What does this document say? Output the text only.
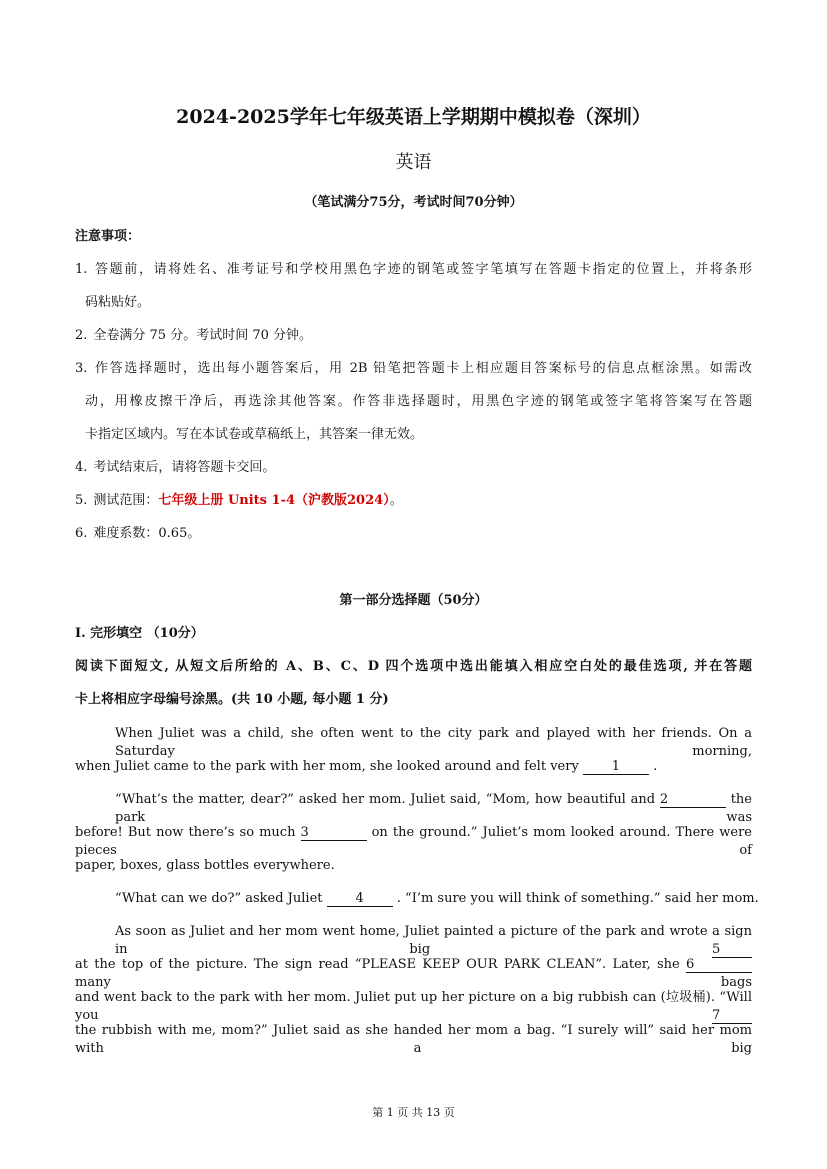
2024-2025学年七年级英语上学期期中模拟卷（深圳）
英语
（笔试满分75分，考试时间70分钟）
注意事项：
1. 答题前，请将姓名、准考证号和学校用黑色字迹的钢笔或签字笔填写在答题卡指定的位置上，并将条形
码粘贴好。
2. 全卷满分 75 分。考试时间 70 分钟。
3. 作答选择题时，选出每小题答案后，用 2B 铅笔把答题卡上相应题目答案标号的信息点框涂黑。如需改
动，用橡皮擦干净后，再选涂其他答案。作答非选择题时，用黑色字迹的钢笔或签字笔将答案写在答题
卡指定区域内。写在本试卷或草稿纸上，其答案一律无效。
4. 考试结束后，请将答题卡交回。
5. 测试范围：七年级上册 Units 1-4（沪教版2024）。
6. 难度系数：0.65。
第一部分选择题（50分）
I. 完形填空 （10分）
阅读下面短文, 从短文后所给的 A、B、C、D 四个选项中选出能填入相应空白处的最佳选项, 并在答题
卡上将相应字母编号涂黑。(共 10 小题, 每小题 1 分)
When Juliet was a child, she often went to the city park and played with her friends. On a Saturday morning,
when Juliet came to the park with her mom, she looked around and felt very 1	.
“What’s the matter, dear?” asked her mom. Juliet said, “Mom, how beautiful and 2	the park was
before! But now there’s so much 3	on the ground.” Juliet’s mom looked around. There were pieces of
paper, boxes, glass bottles everywhere.
“What can we do?” asked Juliet 4	. “I’m sure you will think of something.” said her mom.
As soon as Juliet and her mom went home, Juliet painted a picture of the park and wrote a sign in big 5
at the top of the picture. The sign read “PLEASE KEEP OUR PARK CLEAN”. Later, she 6 many bags
and went back to the park with her mom. Juliet put up her picture on a big rubbish can (垃圾桶). “Will you 7
the rubbish with me, mom?” Juliet said as she handed her mom a bag. “I surely will” said her mom with a big
第 1 页 共 13 页
